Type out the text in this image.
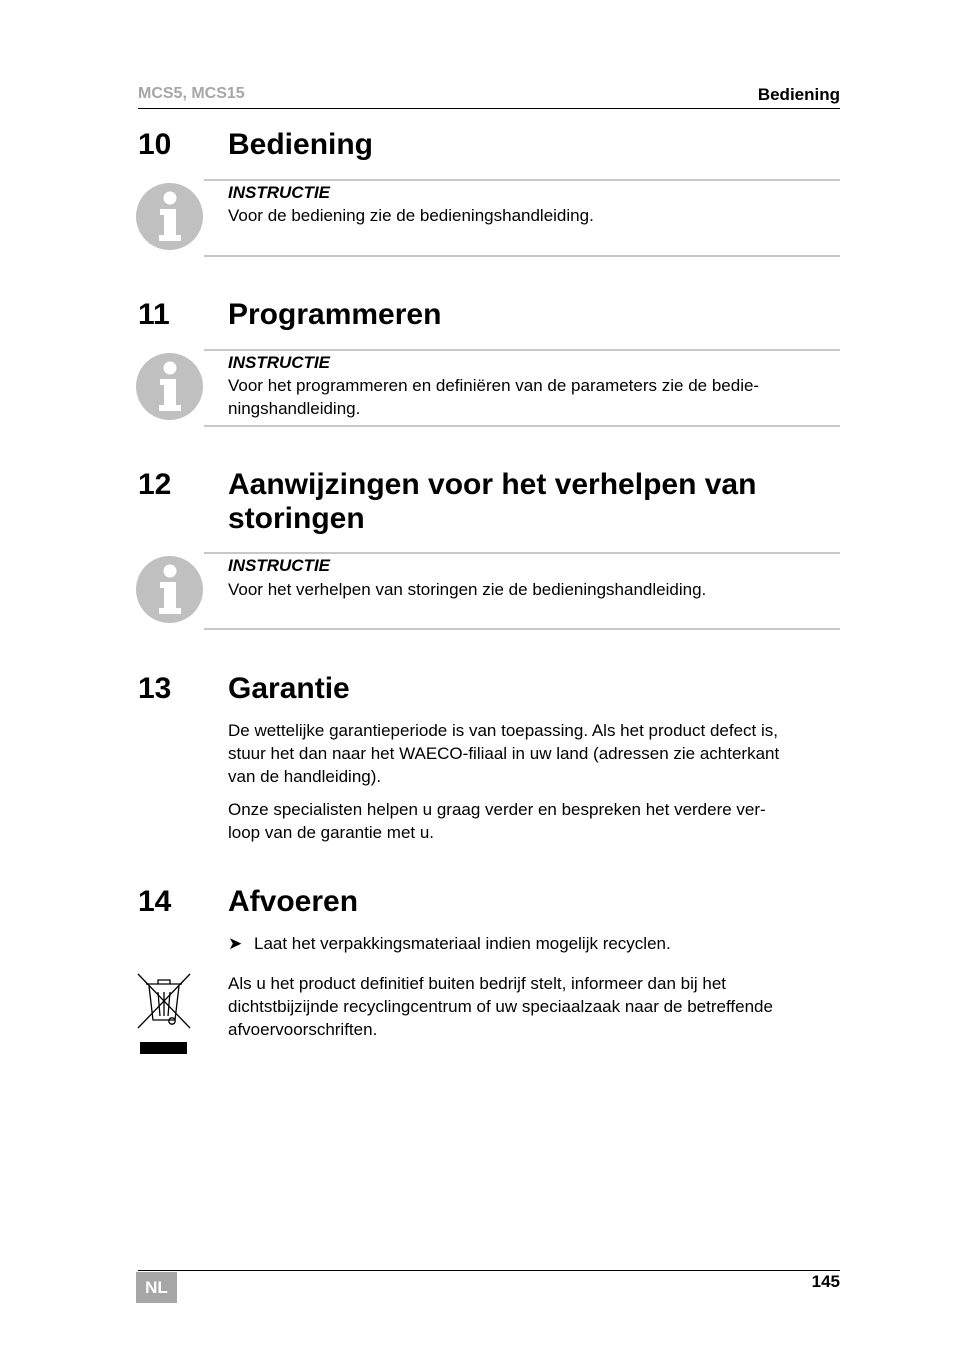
MCS5, MCS15	Bediening
10 Bediening
INSTRUCTIE
Voor de bediening zie de bedieningshandleiding.
11 Programmeren
INSTRUCTIE
Voor het programmeren en definiëren van de parameters zie de bedie-
ningshandleiding.
12 Aanwijzingen voor het verhelpen van
storingen
INSTRUCTIE
Voor het verhelpen van storingen zie de bedieningshandleiding.
13 Garantie
De wettelijke garantieperiode is van toepassing. Als het product defect is,
stuur het dan naar het WAECO-filiaal in uw land (adressen zie achterkant
van de handleiding).
Onze specialisten helpen u graag verder en bespreken het verdere ver-
loop van de garantie met u.
14 Afvoeren
➤ Laat het verpakkingsmateriaal indien mogelijk recyclen.
Als u het product definitief buiten bedrijf stelt, informeer dan bij het
dichtstbijzijnde recyclingcentrum of uw speciaalzaak naar de betreffende
afvoervoorschriften.
NL	145
